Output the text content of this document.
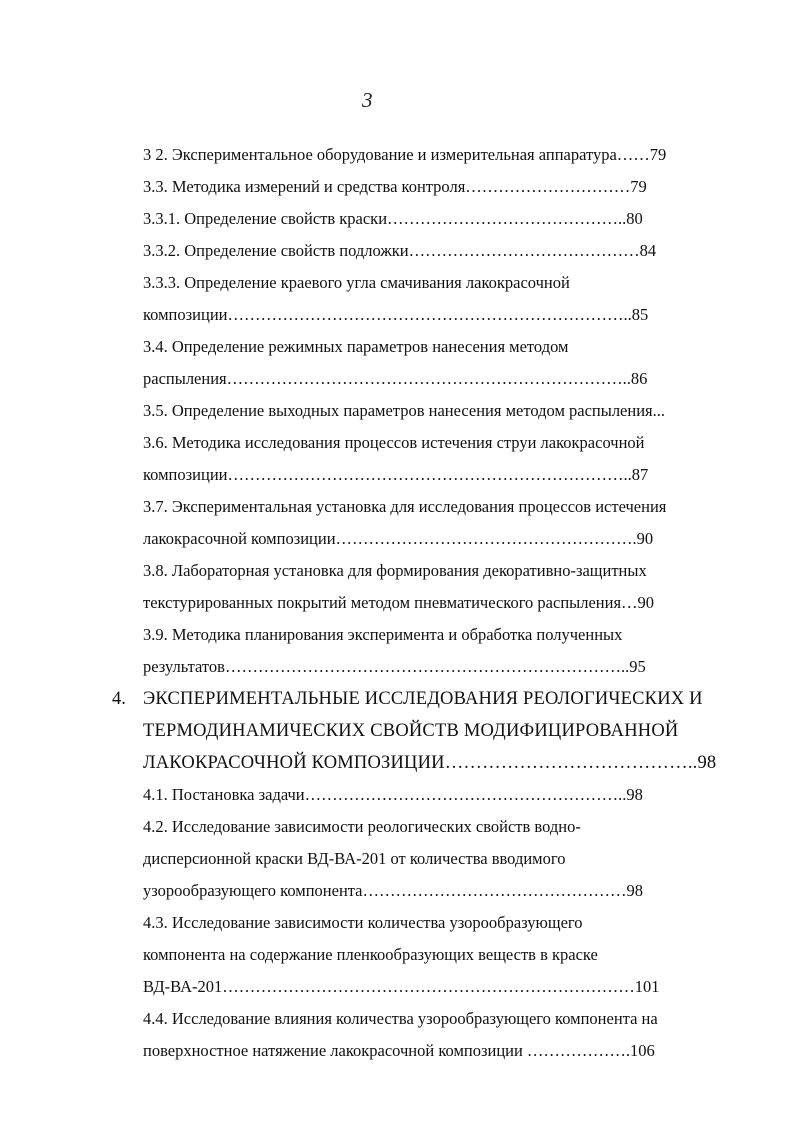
3
3 2. Экспериментальное оборудование и измерительная аппаратура……79
3.3. Методика измерений и средства контроля…………………………79
3.3.1. Определение свойств краски……………………………………..80
3.3.2. Определение свойств подложки……………………………………84
3.3.3. Определение краевого угла смачивания лакокрасочной
композиции………………………………………………………………..85
3.4. Определение режимных параметров нанесения методом
распыления………………………………………………………………..86
3.5. Определение выходных параметров нанесения методом распыления...
3.6. Методика исследования процессов истечения струи лакокрасочной
композиции………………………………………………………………..87
3.7. Экспериментальная установка для исследования процессов истечения
лакокрасочной композиции……………………………………………….90
3.8. Лабораторная установка для формирования декоративно-защитных
текстурированных покрытий методом пневматического распыления…90
3.9. Методика планирования эксперимента и обработка полученных
результатов………………………………………………………………..95
4. ЭКСПЕРИМЕНТАЛЬНЫЕ ИССЛЕДОВАНИЯ РЕОЛОГИЧЕСКИХ И
ТЕРМОДИНАМИЧЕСКИХ СВОЙСТВ МОДИФИЦИРОВАННОЙ
ЛАКОКРАСОЧНОЙ КОМПОЗИЦИИ…………………………………..98
4.1. Постановка задачи…………………………………………………..98
4.2. Исследование зависимости реологических свойств водно-
дисперсионной краски ВД-ВА-201 от количества вводимого
узорообразующего компонента…………………………………………98
4.3. Исследование зависимости количества узорообразующего
компонента на содержание пленкообразующих веществ в краске
ВД-ВА-201…………………………………………………………………101
4.4. Исследование влияния количества узорообразующего компонента на
поверхностное натяжение лакокрасочной композиции ……………….106
